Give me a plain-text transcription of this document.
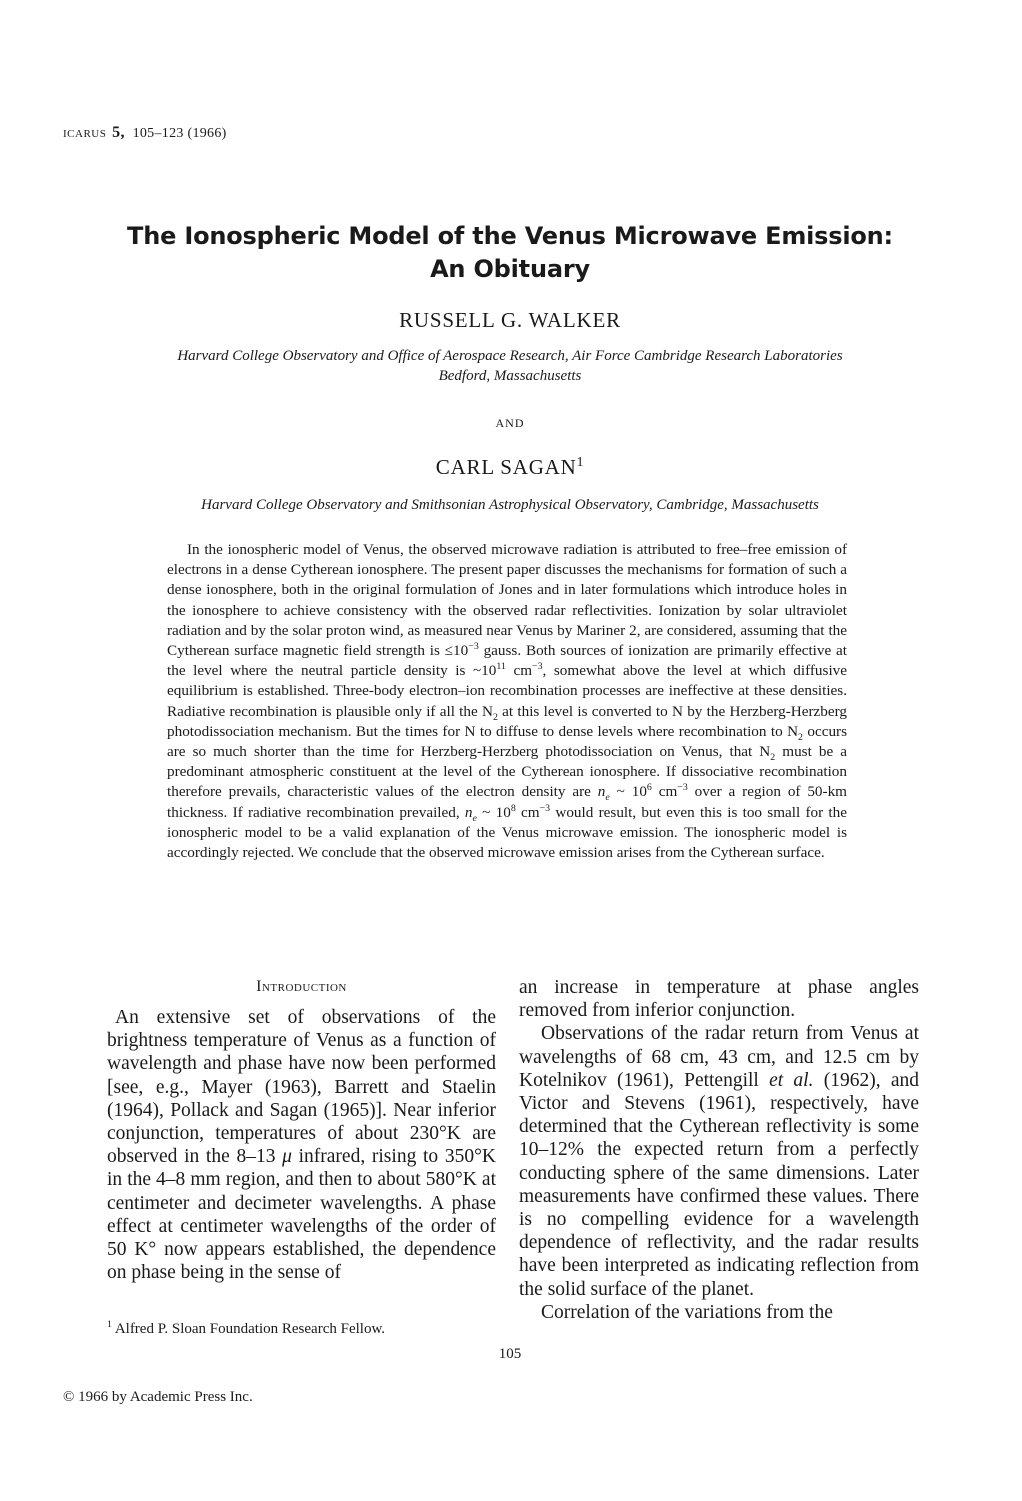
ICARUS 5, 105–123 (1966)
The Ionospheric Model of the Venus Microwave Emission:
An Obituary
RUSSELL G. WALKER
Harvard College Observatory and Office of Aerospace Research, Air Force Cambridge Research Laboratories
Bedford, Massachusetts
AND
CARL SAGAN$^1$
Harvard College Observatory and Smithsonian Astrophysical Observatory, Cambridge, Massachusetts

In the ionospheric model of Venus, the observed microwave radiation is attributed to free–free emission of electrons in a dense Cytherean ionosphere. The present paper discusses the mechanisms for formation of such a dense ionosphere, both in the original formulation of Jones and in later formulations which introduce holes in the ionosphere to achieve consistency with the observed radar reflectivities. Ionization by solar ultraviolet radiation and by the solar proton wind, as measured near Venus by Mariner 2, are considered, assuming that the Cytherean surface magnetic field strength is $\le 10^{-3}$ gauss. Both sources of ionization are primarily effective at the level where the neutral particle density is $\sim 10^{11}$ $cm^{-3}$, somewhat above the level at which diffusive equilibrium is established. Three-body electron–ion recombination processes are ineffective at these densities. Radiative recombination is plausible only if all the $N_2$ at this level is converted to N by the Herzberg-Herzberg photodissociation mechanism. But the times for N to diffuse to dense levels where recombination to $N_2$ occurs are so much shorter than the time for Herzberg-Herzberg photodissociation on Venus, that $N_2$ must be a predominant atmospheric constituent at the level of the Cytherean ionosphere. If dissociative recombination therefore prevails, characteristic values of the electron density are $n_e$ ~ $10^6$ $cm^{-3}$ over a region of 50-km thickness. If radiative recombination prevailed, $n_e$ ~ $10^8$ $cm^{-3}$ would result, but even this is too small for the ionospheric model to be a valid explanation of the Venus microwave emission. The ionospheric model is accordingly rejected. We conclude that the observed microwave emission arises from the Cytherean surface.

Introduction

An extensive set of observations of the brightness temperature of Venus as a function of wavelength and phase have now been performed [see, e.g., Mayer (1963), Barrett and Staelin (1964), Pollack and Sagan (1965)]. Near inferior conjunction, temperatures of about 230°K are observed in the 8–13 μ infrared, rising to 350°K in the 4–8 mm region, and then to about 580°K at centimeter and decimeter wavelengths. A phase effect at centimeter wavelengths of the order of 50 K° now appears established, the dependence on phase being in the sense of

an increase in temperature at phase angles removed from inferior conjunction.

Observations of the radar return from Venus at wavelengths of 68 cm, 43 cm, and 12.5 cm by Kotelnikov (1961), Pettengill et al. (1962), and Victor and Stevens (1961), respectively, have determined that the Cytherean reflectivity is some 10–12% the expected return from a perfectly conducting sphere of the same dimensions. Later measurements have confirmed these values. There is no compelling evidence for a wavelength dependence of reflectivity, and the radar results have been interpreted as indicating reflection from the solid surface of the planet.

Correlation of the variations from the

$^1$ Alfred P. Sloan Foundation Research Fellow.
105
© 1966 by Academic Press Inc.
